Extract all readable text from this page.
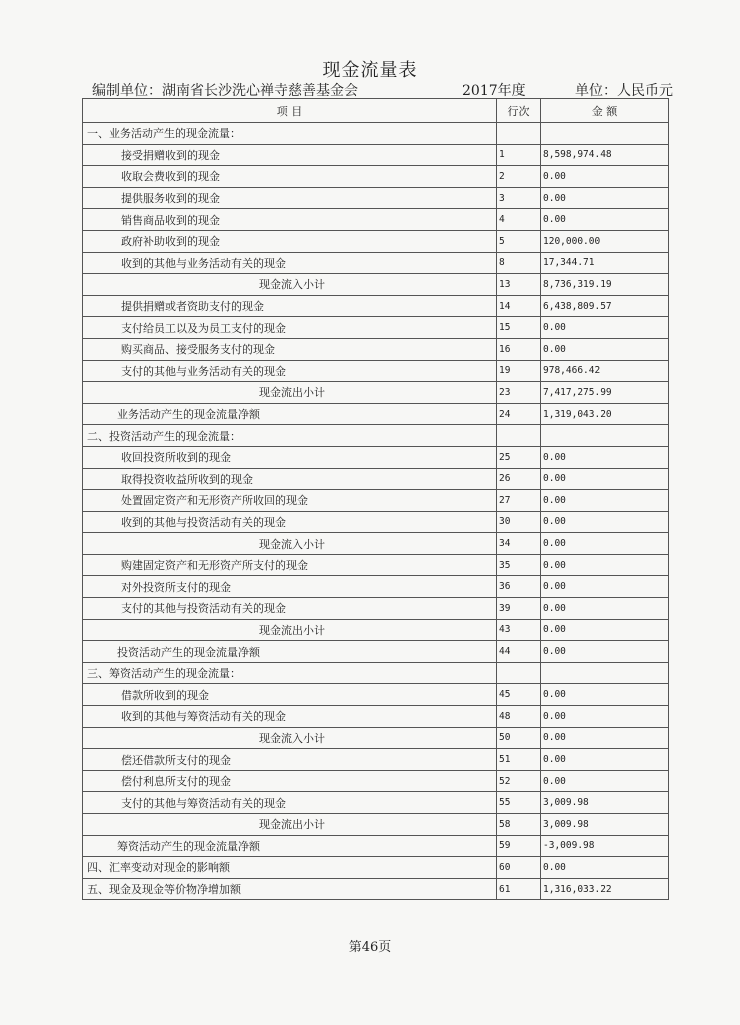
现金流量表
编制单位：湖南省长沙洗心禅寺慈善基金会	2017年度	单位：人民币元
项 目	行次	金 额
一、业务活动产生的现金流量：		
接受捐赠收到的现金	1	8,598,974.48
收取会费收到的现金	2	0.00
提供服务收到的现金	3	0.00
销售商品收到的现金	4	0.00
政府补助收到的现金	5	120,000.00
收到的其他与业务活动有关的现金	8	17,344.71
现金流入小计	13	8,736,319.19
提供捐赠或者资助支付的现金	14	6,438,809.57
支付给员工以及为员工支付的现金	15	0.00
购买商品、接受服务支付的现金	16	0.00
支付的其他与业务活动有关的现金	19	978,466.42
现金流出小计	23	7,417,275.99
业务活动产生的现金流量净额	24	1,319,043.20
二、投资活动产生的现金流量：		
收回投资所收到的现金	25	0.00
取得投资收益所收到的现金	26	0.00
处置固定资产和无形资产所收回的现金	27	0.00
收到的其他与投资活动有关的现金	30	0.00
现金流入小计	34	0.00
购建固定资产和无形资产所支付的现金	35	0.00
对外投资所支付的现金	36	0.00
支付的其他与投资活动有关的现金	39	0.00
现金流出小计	43	0.00
投资活动产生的现金流量净额	44	0.00
三、筹资活动产生的现金流量：		
借款所收到的现金	45	0.00
收到的其他与筹资活动有关的现金	48	0.00
现金流入小计	50	0.00
偿还借款所支付的现金	51	0.00
偿付利息所支付的现金	52	0.00
支付的其他与筹资活动有关的现金	55	3,009.98
现金流出小计	58	3,009.98
筹资活动产生的现金流量净额	59	-3,009.98
四、汇率变动对现金的影响额	60	0.00
五、现金及现金等价物净增加额	61	1,316,033.22
第46页
